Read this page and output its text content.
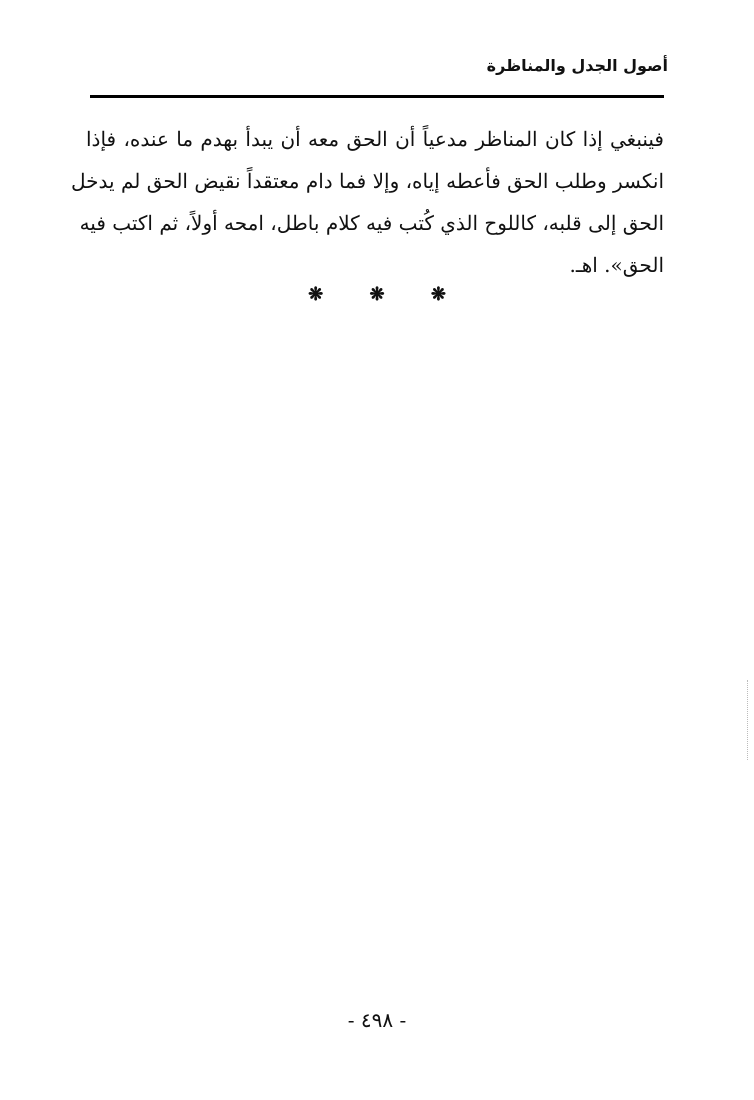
أصول الجدل والمناظرة
فينبغي إذا كان المناظر مدعياً أن الحق معه أن يبدأ بهدم ما عنده، فإذا
انكسر وطلب الحق فأعطه إياه، وإلا فما دام معتقداً نقيض الحق لم يدخل
الحق إلى قلبه، كاللوح الذي كُتب فيه كلام باطل، امحه أولاً، ثم اكتب فيه
الحق». اهـ.
❋	❋	❋
- ٤٩٨ -
